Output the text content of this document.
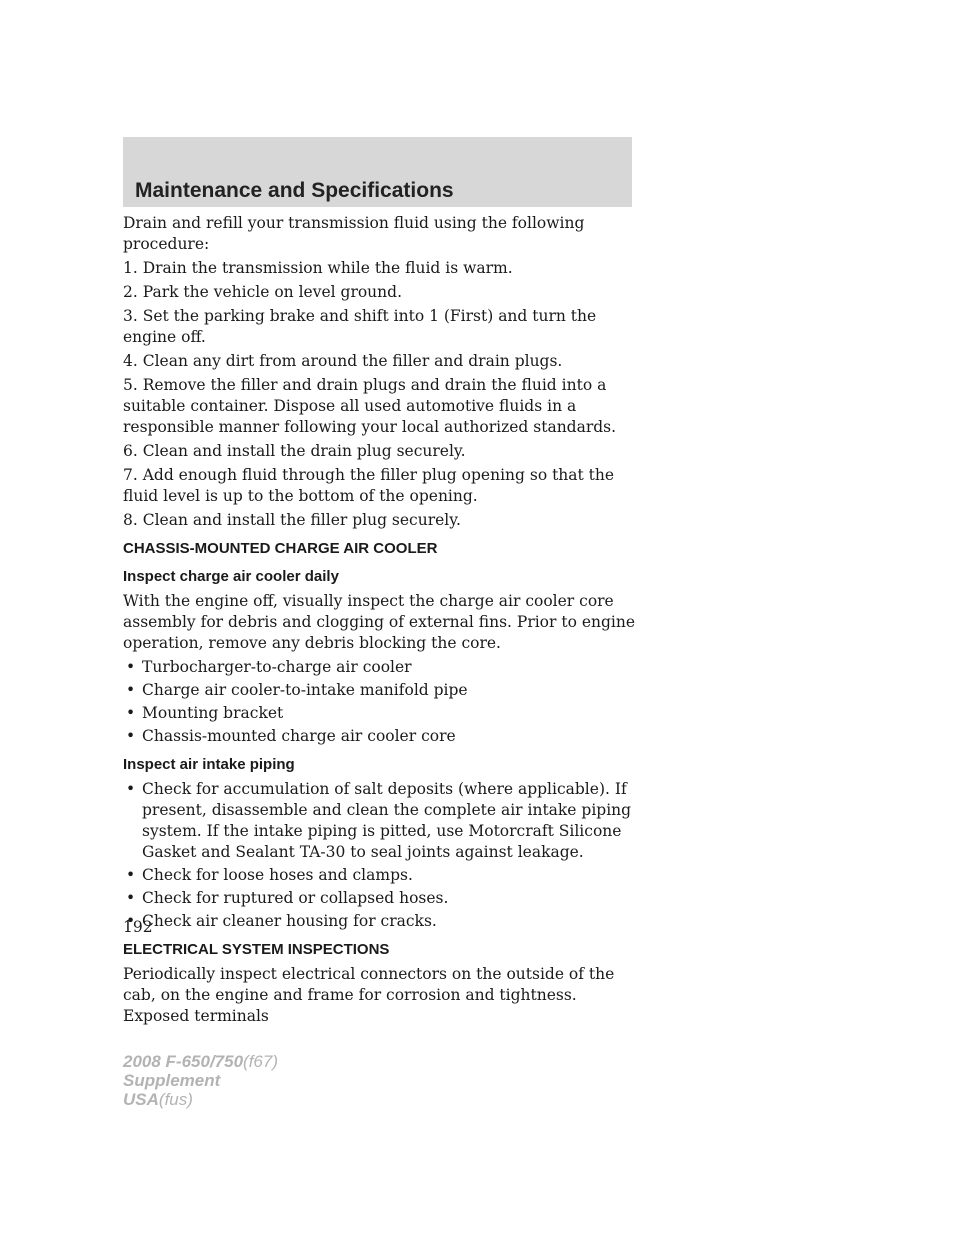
Maintenance and Specifications

Drain and refill your transmission fluid using the following procedure:

1. Drain the transmission while the fluid is warm.

2. Park the vehicle on level ground.

3. Set the parking brake and shift into 1 (First) and turn the engine off.

4. Clean any dirt from around the filler and drain plugs.

5. Remove the filler and drain plugs and drain the fluid into a suitable container. Dispose all used automotive fluids in a responsible manner following your local authorized standards.

6. Clean and install the drain plug securely.

7. Add enough fluid through the filler plug opening so that the fluid level is up to the bottom of the opening.

8. Clean and install the filler plug securely.

CHASSIS-MOUNTED CHARGE AIR COOLER

Inspect charge air cooler daily

With the engine off, visually inspect the charge air cooler core assembly for debris and clogging of external fins. Prior to engine operation, remove any debris blocking the core.

• Turbocharger-to-charge air cooler
• Charge air cooler-to-intake manifold pipe
• Mounting bracket
• Chassis-mounted charge air cooler core

Inspect air intake piping

• Check for accumulation of salt deposits (where applicable). If present, disassemble and clean the complete air intake piping system. If the intake piping is pitted, use Motorcraft Silicone Gasket and Sealant TA-30 to seal joints against leakage.
• Check for loose hoses and clamps.
• Check for ruptured or collapsed hoses.
• Check air cleaner housing for cracks.

ELECTRICAL SYSTEM INSPECTIONS

Periodically inspect electrical connectors on the outside of the cab, on the engine and frame for corrosion and tightness. Exposed terminals

192
2008 F-650/750(f67)
Supplement
USA(fus)
